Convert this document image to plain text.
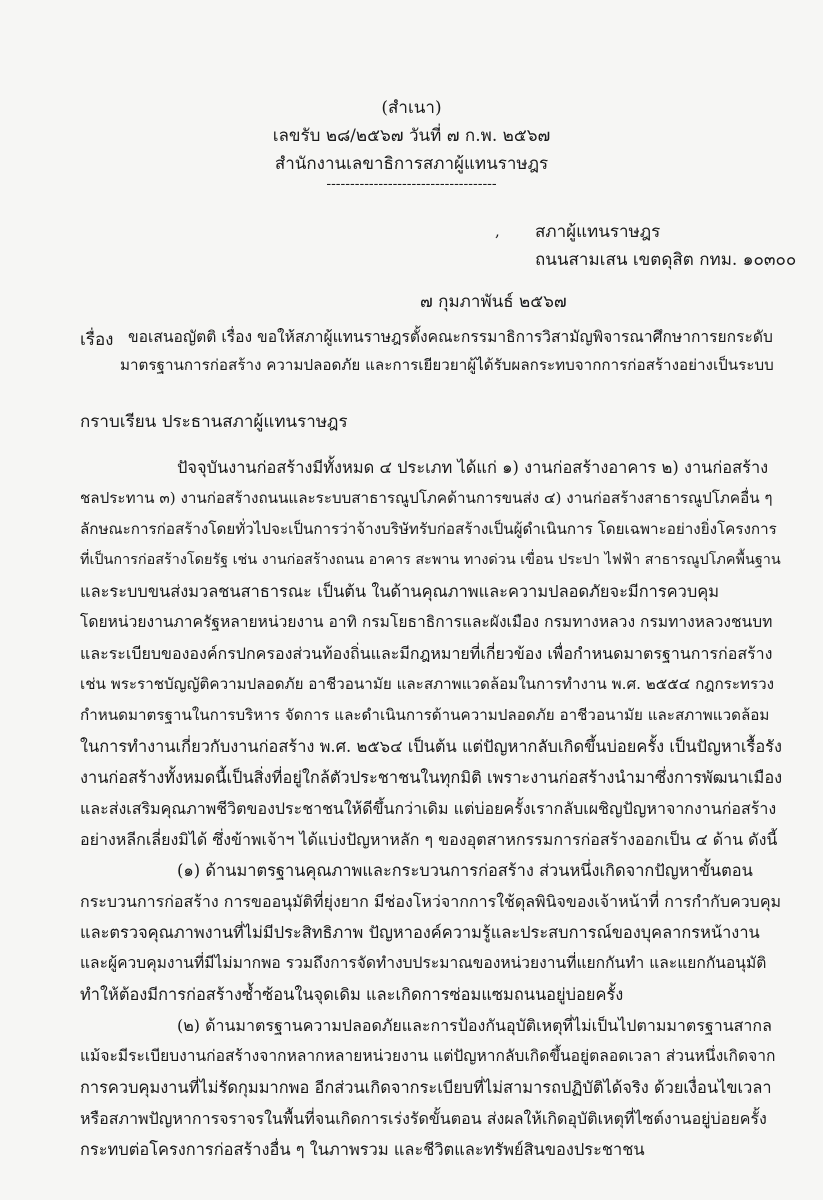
(สำเนา)
เลขรับ ๒๘/๒๕๖๗ วันที่ ๗ ก.พ. ๒๕๖๗
สำนักงานเลขาธิการสภาผู้แทนราษฎร
------------------------------------
, สภาผู้แทนราษฎร
ถนนสามเสน เขตดุสิต กทม. ๑๐๓๐๐
๗ กุมภาพันธ์ ๒๕๖๗
เรื่อง ขอเสนอญัตติ เรื่อง ขอให้สภาผู้แทนราษฎรตั้งคณะกรรมาธิการวิสามัญพิจารณาศึกษาการยกระดับ
มาตรฐานการก่อสร้าง ความปลอดภัย และการเยียวยาผู้ได้รับผลกระทบจากการก่อสร้างอย่างเป็นระบบ
กราบเรียน ประธานสภาผู้แทนราษฎร
ปัจจุบันงานก่อสร้างมีทั้งหมด ๔ ประเภท ได้แก่ ๑) งานก่อสร้างอาคาร ๒) งานก่อสร้าง
ชลประทาน ๓) งานก่อสร้างถนนและระบบสาธารณูปโภคด้านการขนส่ง ๔) งานก่อสร้างสาธารณูปโภคอื่น ๆ
ลักษณะการก่อสร้างโดยทั่วไปจะเป็นการว่าจ้างบริษัทรับก่อสร้างเป็นผู้ดำเนินการ โดยเฉพาะอย่างยิ่งโครงการ
ที่เป็นการก่อสร้างโดยรัฐ เช่น งานก่อสร้างถนน อาคาร สะพาน ทางด่วน เขื่อน ประปา ไฟฟ้า สาธารณูปโภคพื้นฐาน
และระบบขนส่งมวลชนสาธารณะ เป็นต้น ในด้านคุณภาพและความปลอดภัยจะมีการควบคุม
โดยหน่วยงานภาครัฐหลายหน่วยงาน อาทิ กรมโยธาธิการและผังเมือง กรมทางหลวง กรมทางหลวงชนบท
และระเบียบขององค์กรปกครองส่วนท้องถิ่นและมีกฎหมายที่เกี่ยวข้อง เพื่อกำหนดมาตรฐานการก่อสร้าง
เช่น พระราชบัญญัติความปลอดภัย อาชีวอนามัย และสภาพแวดล้อมในการทำงาน พ.ศ. ๒๕๕๔ กฎกระทรวง
กำหนดมาตรฐานในการบริหาร จัดการ และดำเนินการด้านความปลอดภัย อาชีวอนามัย และสภาพแวดล้อม
ในการทำงานเกี่ยวกับงานก่อสร้าง พ.ศ. ๒๕๖๔ เป็นต้น แต่ปัญหากลับเกิดขึ้นบ่อยครั้ง เป็นปัญหาเรื้อรัง
งานก่อสร้างทั้งหมดนี้เป็นสิ่งที่อยู่ใกล้ตัวประชาชนในทุกมิติ เพราะงานก่อสร้างนำมาซึ่งการพัฒนาเมือง
และส่งเสริมคุณภาพชีวิตของประชาชนให้ดีขึ้นกว่าเดิม แต่บ่อยครั้งเรากลับเผชิญปัญหาจากงานก่อสร้าง
อย่างหลีกเลี่ยงมิได้ ซึ่งข้าพเจ้าฯ ได้แบ่งปัญหาหลัก ๆ ของอุตสาหกรรมการก่อสร้างออกเป็น ๔ ด้าน ดังนี้
(๑) ด้านมาตรฐานคุณภาพและกระบวนการก่อสร้าง ส่วนหนึ่งเกิดจากปัญหาขั้นตอน
กระบวนการก่อสร้าง การขออนุมัติที่ยุ่งยาก มีช่องโหว่จากการใช้ดุลพินิจของเจ้าหน้าที่ การกำกับควบคุม
และตรวจคุณภาพงานที่ไม่มีประสิทธิภาพ ปัญหาองค์ความรู้และประสบการณ์ของบุคลากรหน้างาน
และผู้ควบคุมงานที่มีไม่มากพอ รวมถึงการจัดทำงบประมาณของหน่วยงานที่แยกกันทำ และแยกกันอนุมัติ
ทำให้ต้องมีการก่อสร้างซ้ำซ้อนในจุดเดิม และเกิดการซ่อมแซมถนนอยู่บ่อยครั้ง
(๒) ด้านมาตรฐานความปลอดภัยและการป้องกันอุบัติเหตุที่ไม่เป็นไปตามมาตรฐานสากล
แม้จะมีระเบียบงานก่อสร้างจากหลากหลายหน่วยงาน แต่ปัญหากลับเกิดขึ้นอยู่ตลอดเวลา ส่วนหนึ่งเกิดจาก
การควบคุมงานที่ไม่รัดกุมมากพอ อีกส่วนเกิดจากระเบียบที่ไม่สามารถปฏิบัติได้จริง ด้วยเงื่อนไขเวลา
หรือสภาพปัญหาการจราจรในพื้นที่จนเกิดการเร่งรัดขั้นตอน ส่งผลให้เกิดอุบัติเหตุที่ไซต์งานอยู่บ่อยครั้ง
กระทบต่อโครงการก่อสร้างอื่น ๆ ในภาพรวม และชีวิตและทรัพย์สินของประชาชน
